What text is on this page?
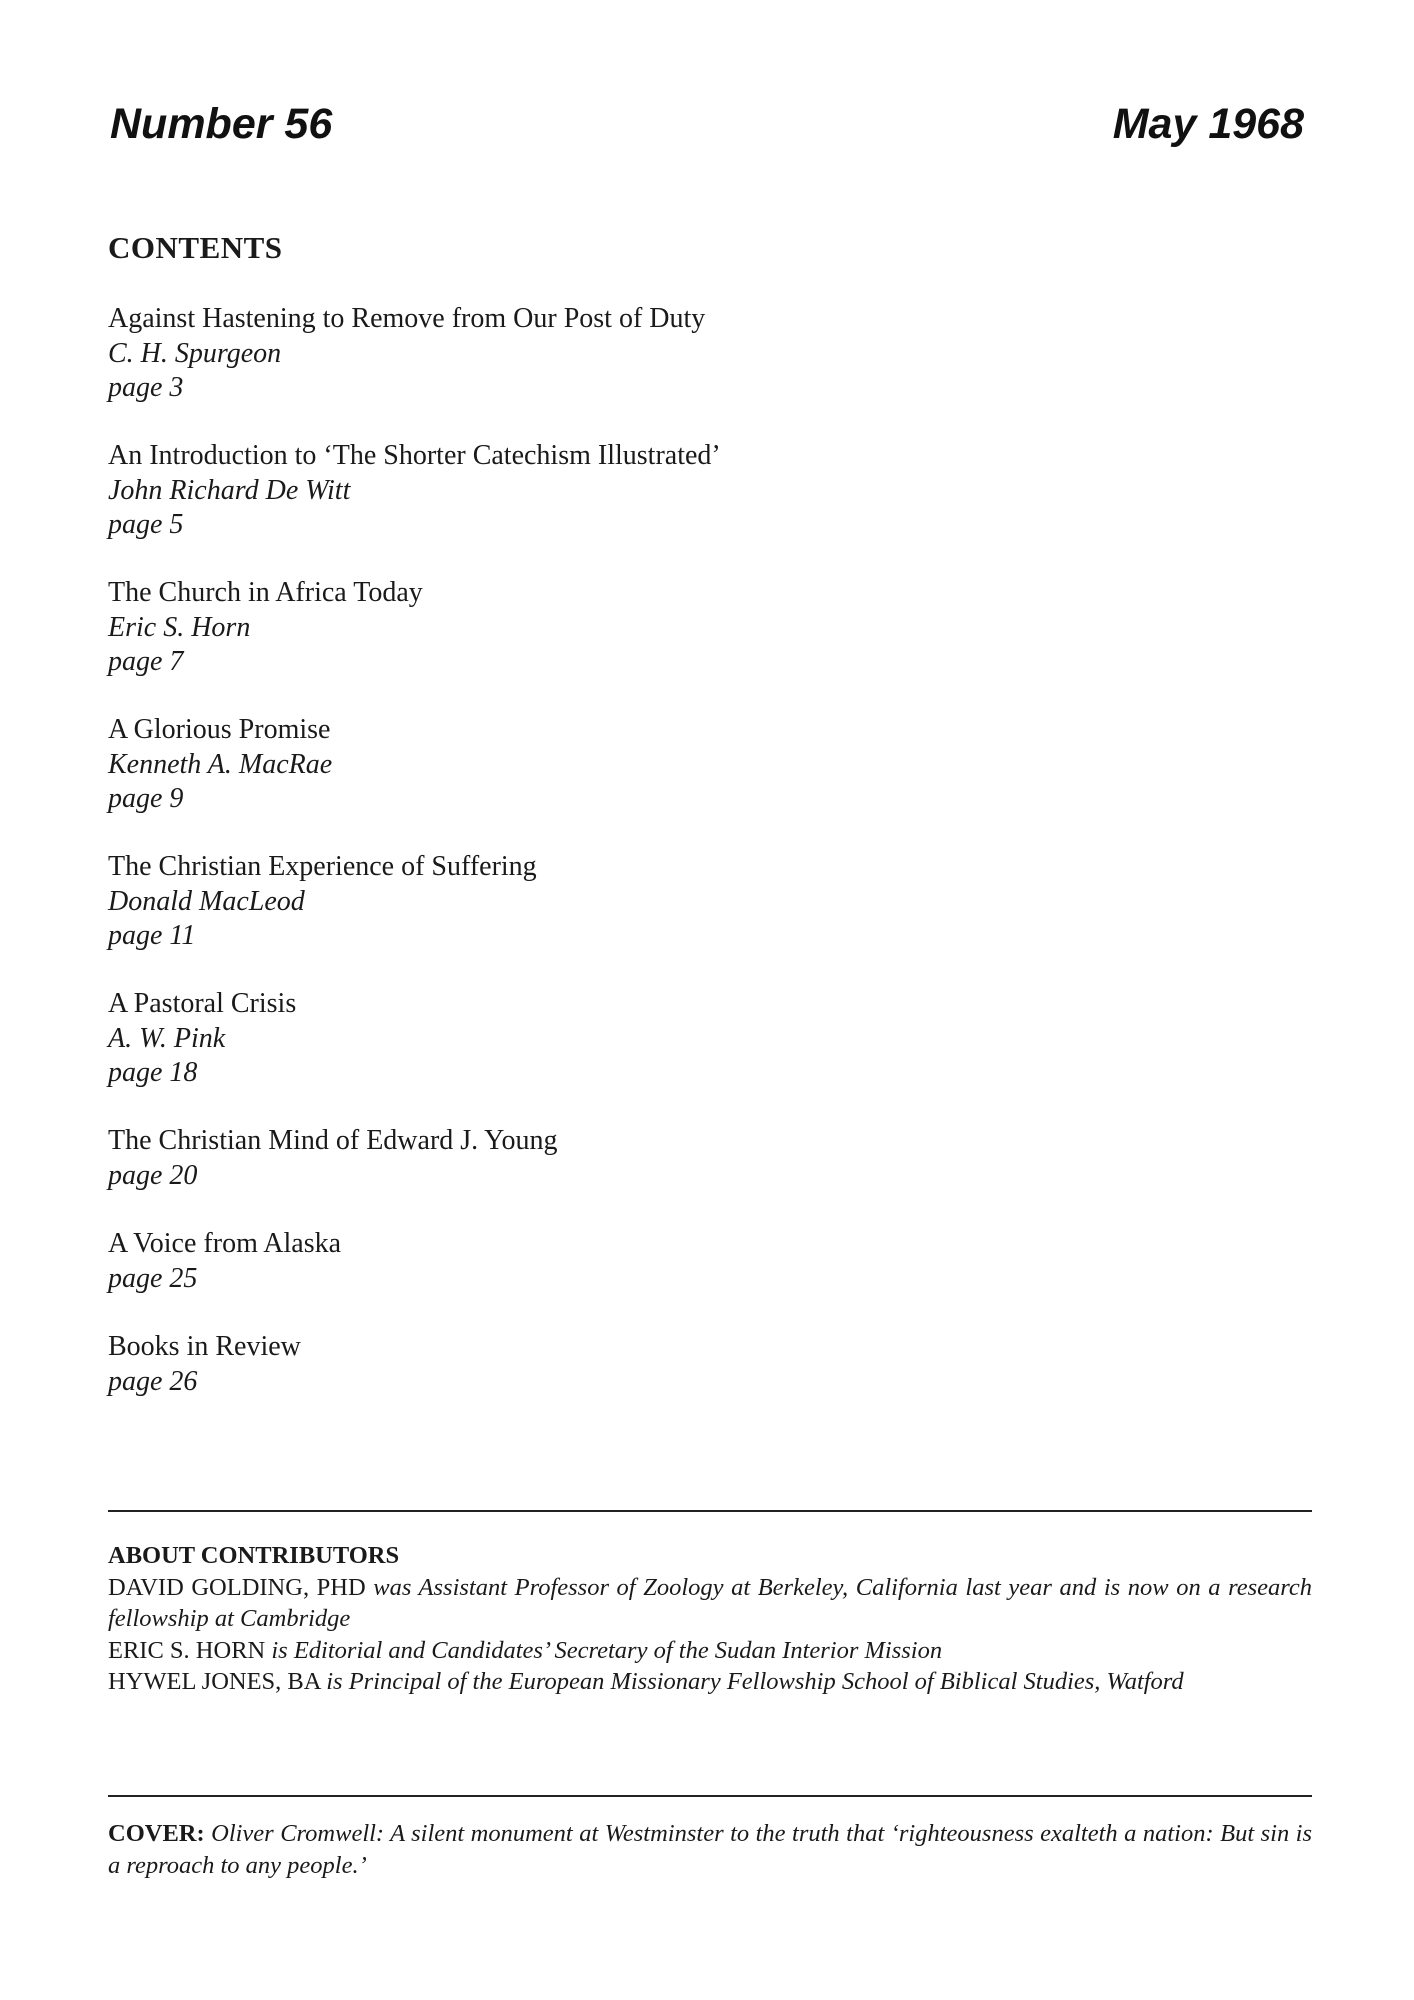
Number 56	May 1968
CONTENTS
Against Hastening to Remove from Our Post of Duty
C. H. Spurgeon
page 3
An Introduction to ‘The Shorter Catechism Illustrated’
John Richard De Witt
page 5
The Church in Africa Today
Eric S. Horn
page 7
A Glorious Promise
Kenneth A. MacRae
page 9
The Christian Experience of Suffering
Donald MacLeod
page 11
A Pastoral Crisis
A. W. Pink
page 18
The Christian Mind of Edward J. Young
page 20
A Voice from Alaska
page 25
Books in Review
page 26
ABOUT CONTRIBUTORS
DAVID GOLDING, PHD was Assistant Professor of Zoology at Berkeley, California last year and is now on a research fellowship at Cambridge
ERIC S. HORN is Editorial and Candidates’ Secretary of the Sudan Interior Mission
HYWEL JONES, BA is Principal of the European Missionary Fellowship School of Biblical Studies, Watford
COVER: Oliver Cromwell: A silent monument at Westminster to the truth that ‘righteousness exalteth a nation: But sin is a reproach to any people.’
